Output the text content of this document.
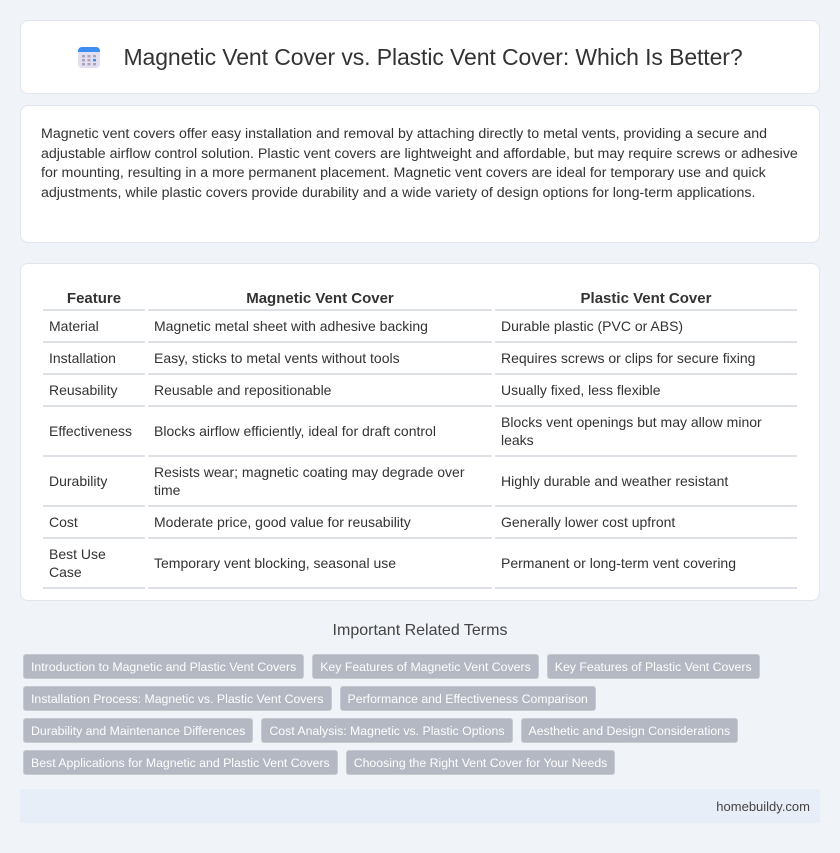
Magnetic Vent Cover vs. Plastic Vent Cover: Which Is Better?

Magnetic vent covers offer easy installation and removal by attaching directly to metal vents, providing a secure and adjustable airflow control solution. Plastic vent covers are lightweight and affordable, but may require screws or adhesive for mounting, resulting in a more permanent placement. Magnetic vent covers are ideal for temporary use and quick adjustments, while plastic covers provide durability and a wide variety of design options for long-term applications.

Feature	Magnetic Vent Cover	Plastic Vent Cover
Material	Magnetic metal sheet with adhesive backing	Durable plastic (PVC or ABS)
Installation	Easy, sticks to metal vents without tools	Requires screws or clips for secure fixing
Reusability	Reusable and repositionable	Usually fixed, less flexible
Effectiveness	Blocks airflow efficiently, ideal for draft control	Blocks vent openings but may allow minor leaks
Durability	Resists wear; magnetic coating may degrade over time	Highly durable and weather resistant
Cost	Moderate price, good value for reusability	Generally lower cost upfront
Best Use Case	Temporary vent blocking, seasonal use	Permanent or long-term vent covering
Important Related Terms
Introduction to Magnetic and Plastic Vent Covers	Key Features of Magnetic Vent Covers	Key Features of Plastic Vent Covers
Installation Process: Magnetic vs. Plastic Vent Covers	Performance and Effectiveness Comparison
Durability and Maintenance Differences	Cost Analysis: Magnetic vs. Plastic Options	Aesthetic and Design Considerations
Best Applications for Magnetic and Plastic Vent Covers	Choosing the Right Vent Cover for Your Needs
homebuildy.com
